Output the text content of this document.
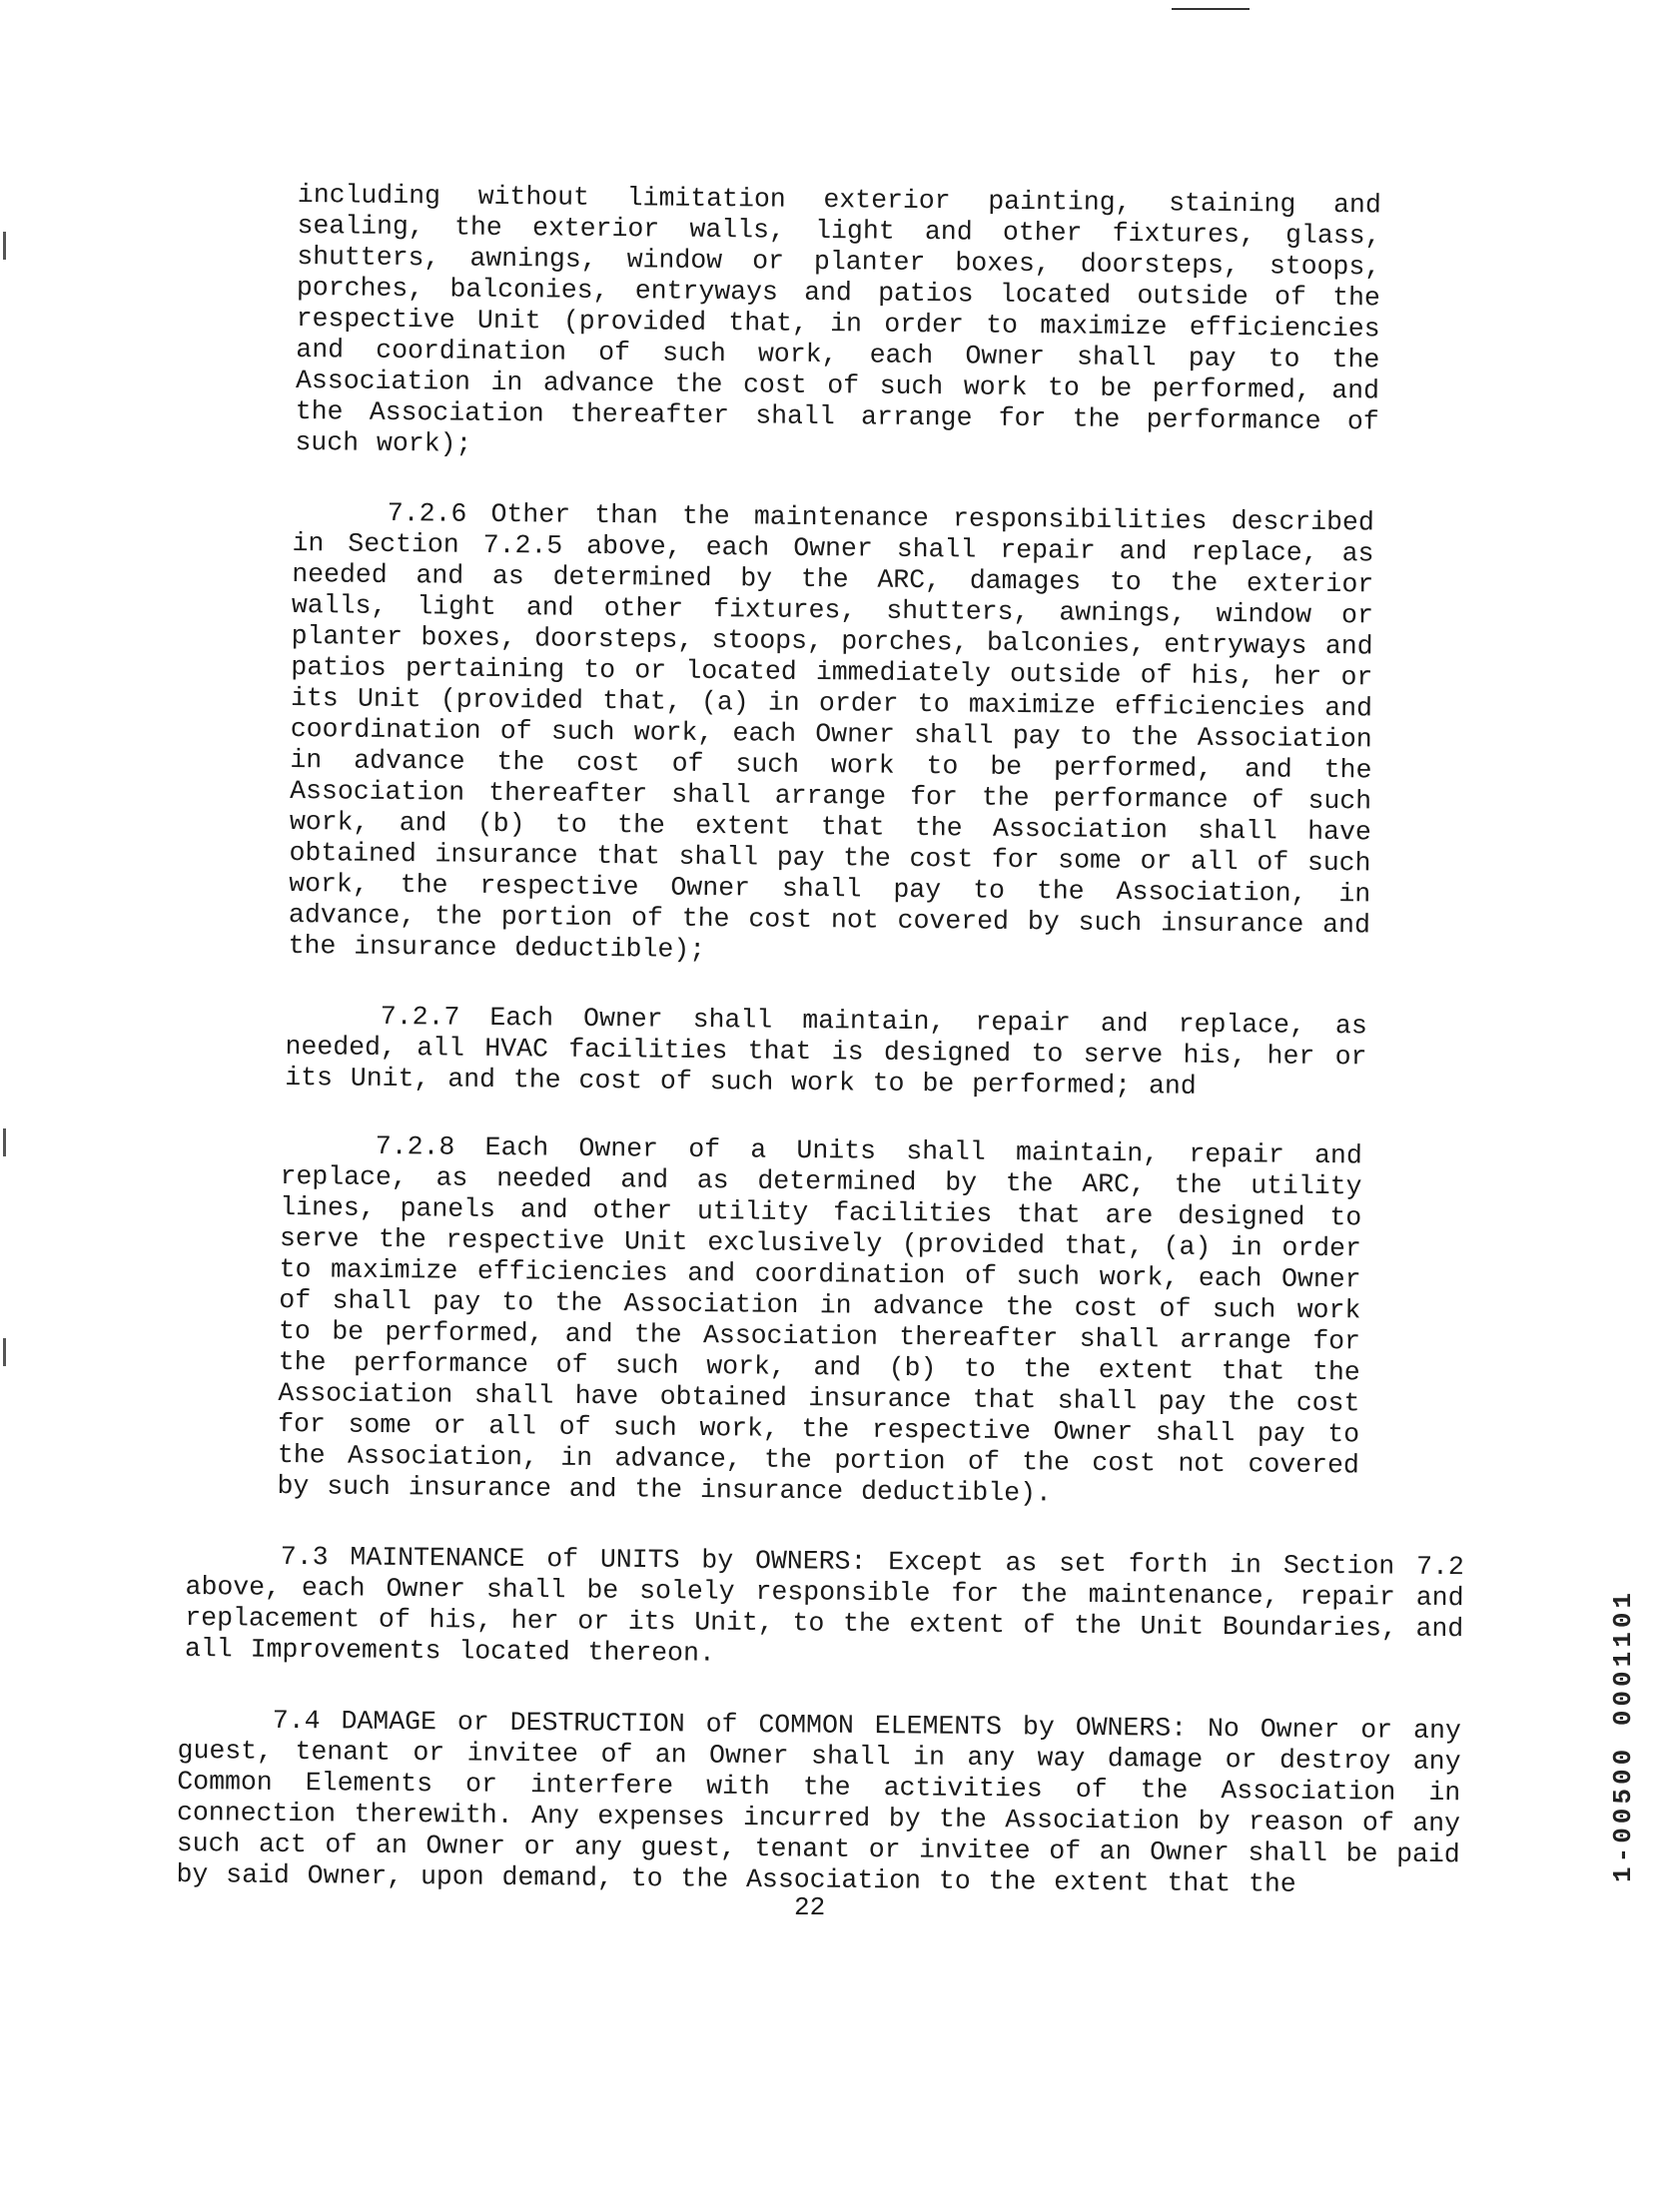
including without limitation exterior painting, staining and sealing, the exterior walls, light and other fixtures, glass, shutters, awnings, window or planter boxes, doorsteps, stoops, porches, balconies, entryways and patios located outside of the respective Unit (provided that, in order to maximize efficiencies and coordination of such work, each Owner shall pay to the Association in advance the cost of such work to be performed, and the Association thereafter shall arrange for the performance of such work);

7.2.6 Other than the maintenance responsibilities described in Section 7.2.5 above, each Owner shall repair and replace, as needed and as determined by the ARC, damages to the exterior walls, light and other fixtures, shutters, awnings, window or planter boxes, doorsteps, stoops, porches, balconies, entryways and patios pertaining to or located immediately outside of his, her or its Unit (provided that, (a) in order to maximize efficiencies and coordination of such work, each Owner shall pay to the Association in advance the cost of such work to be performed, and the Association thereafter shall arrange for the performance of such work, and (b) to the extent that the Association shall have obtained insurance that shall pay the cost for some or all of such work, the respective Owner shall pay to the Association, in advance, the portion of the cost not covered by such insurance and the insurance deductible);

7.2.7 Each Owner shall maintain, repair and replace, as needed, all HVAC facilities that is designed to serve his, her or its Unit, and the cost of such work to be performed; and

7.2.8 Each Owner of a Units shall maintain, repair and replace, as needed and as determined by the ARC, the utility lines, panels and other utility facilities that are designed to serve the respective Unit exclusively (provided that, (a) in order to maximize efficiencies and coordination of such work, each Owner of shall pay to the Association in advance the cost of such work to be performed, and the Association thereafter shall arrange for the performance of such work, and (b) to the extent that the Association shall have obtained insurance that shall pay the cost for some or all of such work, the respective Owner shall pay to the Association, in advance, the portion of the cost not covered by such insurance and the insurance deductible).

7.3 MAINTENANCE of UNITS by OWNERS: Except as set forth in Section 7.2 above, each Owner shall be solely responsible for the maintenance, repair and replacement of his, her or its Unit, to the extent of the Unit Boundaries, and all Improvements located thereon.

7.4 DAMAGE or DESTRUCTION of COMMON ELEMENTS by OWNERS: No Owner or any guest, tenant or invitee of an Owner shall in any way damage or destroy any Common Elements or interfere with the activities of the Association in connection therewith. Any expenses incurred by the Association by reason of any such act of an Owner or any guest, tenant or invitee of an Owner shall be paid by said Owner, upon demand, to the Association to the extent that the

22
1-00500 0001101
